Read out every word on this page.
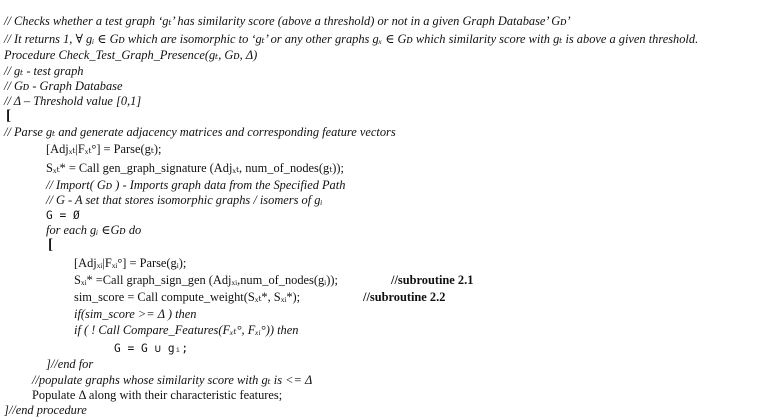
// Checks whether a test graph ‘gₜ’ has similarity score (above a threshold) or not in a given Graph Database’ Gᴅ’
// It returns 1, ∀ gᵢ ∈ Gᴅ which are isomorphic to ‘gₜ’ or any other graphs gₓ ∈ Gᴅ which similarity score with gₜ is above a given threshold.
Procedure Check_Test_Graph_Presence(gₜ, Gᴅ, Δ)
// gₜ - test graph
// Gᴅ - Graph Database
// Δ – Threshold value [0,1]
[
// Parse gₜ and generate adjacency matrices and corresponding feature vectors
[Adjₓₜ|Fₓₜ°] = Parse(gₜ);
Sₓₜ* = Call gen_graph_signature (Adjₓₜ, num_of_nodes(gₜ));
// Import( Gᴅ ) - Imports graph data from the Specified Path
// G - A set that stores isomorphic graphs / isomers of gᵢ
G = Ø
for each gᵢ ∈Gᴅ do
[
[Adjₓᵢ|Fₓᵢ°] = Parse(gᵢ);
Sₓᵢ* =Call graph_sign_gen (Adjₓᵢ,num_of_nodes(gᵢ));	//subroutine 2.1
sim_score = Call compute_weight(Sₓₜ*, Sₓᵢ*);	//subroutine 2.2
if(sim_score >= Δ ) then
if ( ! Call Compare_Features(Fₓₜ°, Fₓᵢ°)) then
G = G ∪ gᵢ;
]//end for
//populate graphs whose similarity score with gₜ is <= Δ
Populate Δ along with their characteristic features;
]//end procedure
